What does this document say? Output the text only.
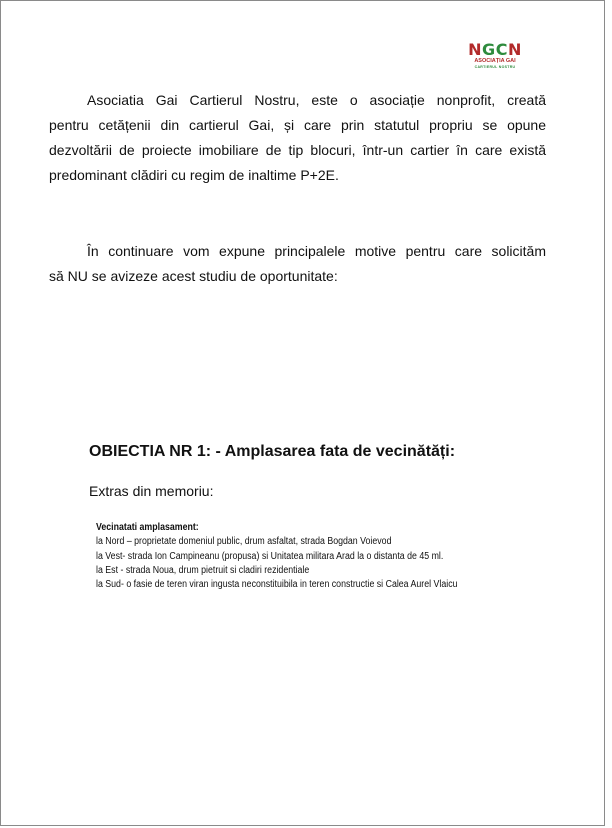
NGCN
ASOCIAȚIA GAI
CARTIERUL NOSTRU
Asociatia Gai Cartierul Nostru, este o asociație nonprofit, creată
pentru cetățenii din cartierul Gai, și care prin statutul propriu se opune
dezvoltării de proiecte imobiliare de tip blocuri, într-un cartier în care există
predominant clădiri cu regim de inaltime P+2E.
În continuare vom expune principalele motive pentru care solicităm
să NU se avizeze acest studiu de oportunitate:
OBIECTIA NR 1: - Amplasarea fata de vecinătăți:

Extras din memoriu:

Vecinatati amplasament:
la Nord – proprietate domeniul public, drum asfaltat, strada Bogdan Voievod
la Vest- strada Ion Campineanu (propusa) si Unitatea militara Arad la o distanta de 45 ml.
la Est - strada Noua, drum pietruit si cladiri rezidentiale
la Sud- o fasie de teren viran ingusta neconstituibila in teren constructie si Calea Aurel Vlaicu
